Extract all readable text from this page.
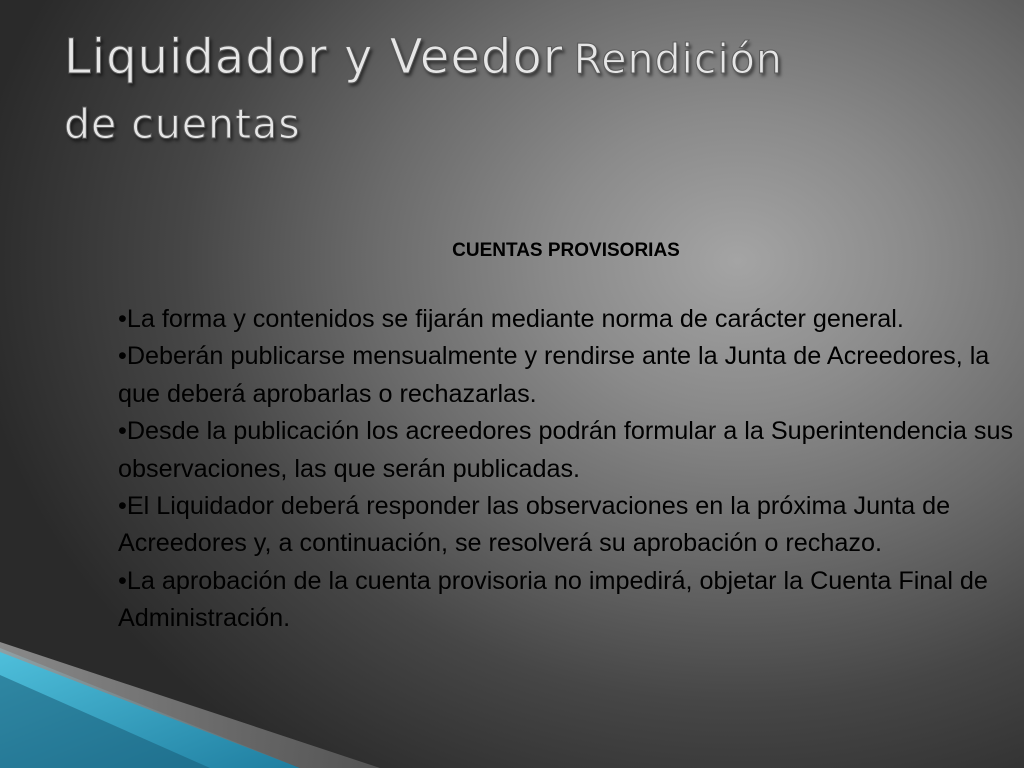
Liquidador y Veedor Rendición
de cuentas

CUENTAS PROVISORIAS

•La forma y contenidos se fijarán mediante norma de carácter general.
•Deberán publicarse mensualmente y rendirse ante la Junta de Acreedores, la que deberá aprobarlas o rechazarlas.
•Desde la publicación los acreedores podrán formular a la Superintendencia sus observaciones, las que serán publicadas.
•El Liquidador deberá responder las observaciones en la próxima Junta de Acreedores y, a continuación, se resolverá su aprobación o rechazo.
•La aprobación de la cuenta provisoria no impedirá, objetar la Cuenta Final de Administración.
